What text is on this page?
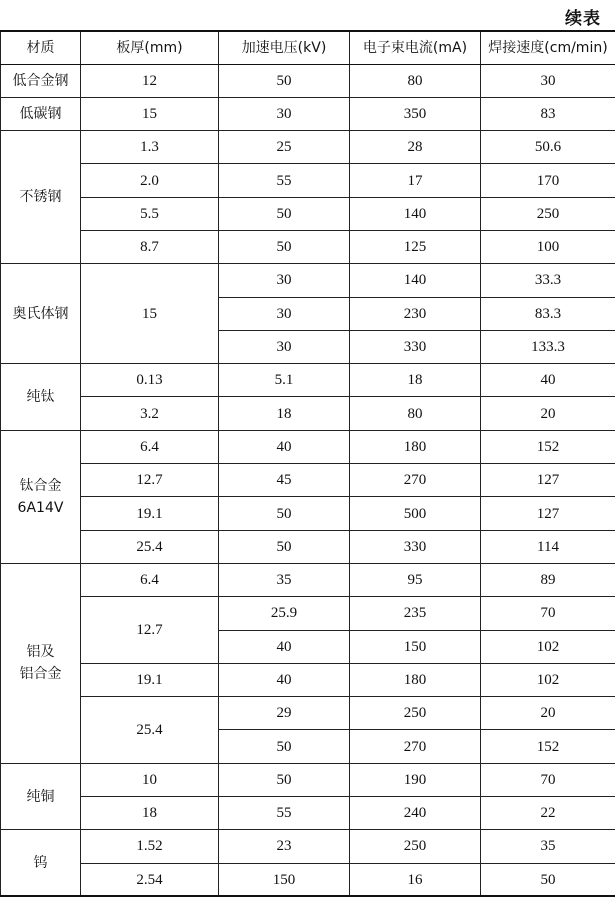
续表
材质	板厚(mm)	加速电压(kV)	电子束电流(mA)	焊接速度(cm/min)

低合金钢	12	50	80	30

低碳钢	15	30	350	83

不锈钢	1.3	25	28	50.6
	2.0	55	17	170
	5.5	50	140	250
	8.7	50	125	100

奥氏体钢	15	30	140	33.3
		30	230	83.3
		30	330	133.3

纯钛	0.13	5.1	18	40
	3.2	18	80	20

钛合金
6A14V	6.4	40	180	152
	12.7	45	270	127
	19.1	50	500	127
	25.4	50	330	114

铝及
铝合金	6.4	35	95	89
	12.7	25.9	235	70
		40	150	102
	19.1	40	180	102
	25.4	29	250	20
		50	270	152

纯铜	10	50	190	70
	18	55	240	22

钨	1.52	23	250	35
	2.54	150	16	50
